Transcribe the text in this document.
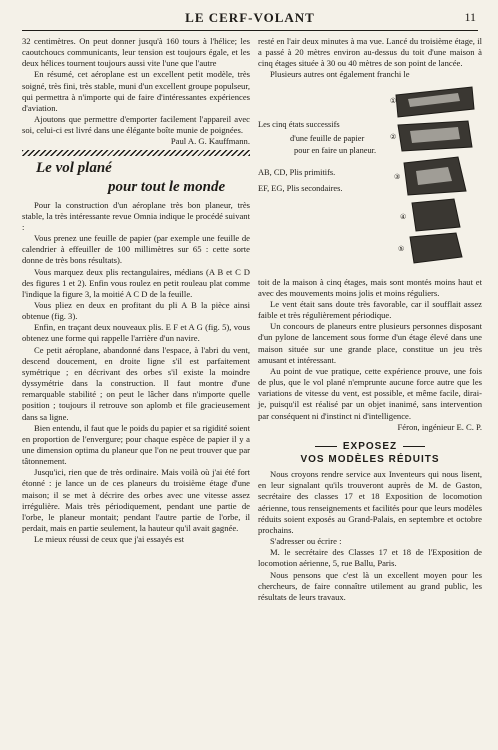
LE CERF-VOLANT	11

32 centimètres. On peut donner jusqu'à 160 tours à l'hélice; les caoutchoucs communicants, leur tension est toujours égale, et les deux hélices tournent toujours aussi vite l'une que l'autre

En résumé, cet aéroplane est un excellent petit modèle, très soigné, très fini, très stable, muni d'un excellent groupe populseur, qui permettra à n'importe qui de faire d'intéressantes expériences d'aviation.

Ajoutons que permettre d'emporter facilement l'appareil avec soi, celui-ci est livré dans une élégante boîte munie de poignées.

Paul A. G. Kauffmann.

Le vol plané
pour tout le monde

Pour la construction d'un aéroplane très bon planeur, très stable, la très intéressante revue Omnia indique le procédé suivant :

Vous prenez une feuille de papier (par exemple une feuille de calendrier à effeuiller de 100 millimètres sur 65 : cette sorte donne de très bons résultats).

Vous marquez deux plis rectangulaires, médians (A B et C D des figures 1 et 2). Enfin vous roulez en petit rouleau plat comme l'indique la figure 3, la moitié A C D de la feuille.

Vous pliez en deux en profitant du pli A B la pièce ainsi obtenue (fig. 3).

Enfin, en traçant deux nouveaux plis. E F et A G (fig. 5), vous obtenez une forme qui rappelle l'arrière d'un navire.

Ce petit aéroplane, abandonné dans l'espace, à l'abri du vent, descend doucement, en droite ligne s'il est parfaitement symétrique ; en décrivant des orbes s'il existe la moindre dyssymétrie dans la construction. Il faut montre d'une remarquable stabilité ; on peut le lâcher dans n'importe quelle position ; toujours il retrouve son aplomb et file gracieusement dans sa ligne.

Bien entendu, il faut que le poids du papier et sa rigidité soient en proportion de l'envergure; pour chaque espèce de papier il y a une dimension optima du planeur que l'on ne peut trouver que par tâtonnement.

Jusqu'ici, rien que de très ordinaire. Mais voilà où j'ai été fort étonné : je lance un de ces planeurs du troisième étage d'une maison; il se met à décrire des orbes avec une vitesse assez irrégulière. Mais très périodiquement, pendant une partie de l'orbe, le planeur montait; pendant l'autre partie de l'orbe, il perdait, mais en partie seulement, la hauteur qu'il avait gagnée.

Le mieux réussi de ceux que j'ai essayés est

resté en l'air deux minutes à ma vue. Lancé du troisième étage, il a passé à 20 mètres environ au-dessus du toit d'une maison à cinq étages située à 30 ou 40 mètres de son point de lancée.

Plusieurs autres ont également franchi le

Les cinq états successifs
d'une feuille de papier
pour en faire un planeur.
AB, CD, Plis primitifs.
EF, EG, Plis secondaires.
①
②
③
④
⑤

toit de la maison à cinq étages, mais sont montés moins haut et avec des mouvements moins jolis et moins réguliers.

Le vent était sans doute très favorable, car il soufflait assez faible et très régulièrement périodique.

Un concours de planeurs entre plusieurs personnes disposant d'un pylone de lancement sous forme d'un étage élevé dans une maison située sur une grande place, constitue un jeu très amusant et intéressant.

Au point de vue pratique, cette expérience prouve, une fois de plus, que le vol plané n'emprunte aucune force autre que les variations de vitesse du vent, est possible, et même facile, dirai-je, puisqu'il est réalisé par un objet inanimé, sans intervention par conséquent ni d'instinct ni d'intelligence.

Féron, ingénieur E. C. P.

EXPOSEZ
VOS MODÈLES RÉDUITS

Nous croyons rendre service aux Inventeurs qui nous lisent, en leur signalant qu'ils trouveront auprès de M. de Gaston, secrétaire des classes 17 et 18 Exposition de locomotion aérienne, tous renseignements et facilités pour que leurs modèles réduits soient exposés au Grand-Palais, en septembre et octobre prochains.

S'adresser ou écrire :

M. le secrétaire des Classes 17 et 18 de l'Exposition de locomotion aérienne, 5, rue Ballu, Paris.

Nous pensons que c'est là un excellent moyen pour les chercheurs, de faire connaître utilement au grand public, les résultats de leurs travaux.
